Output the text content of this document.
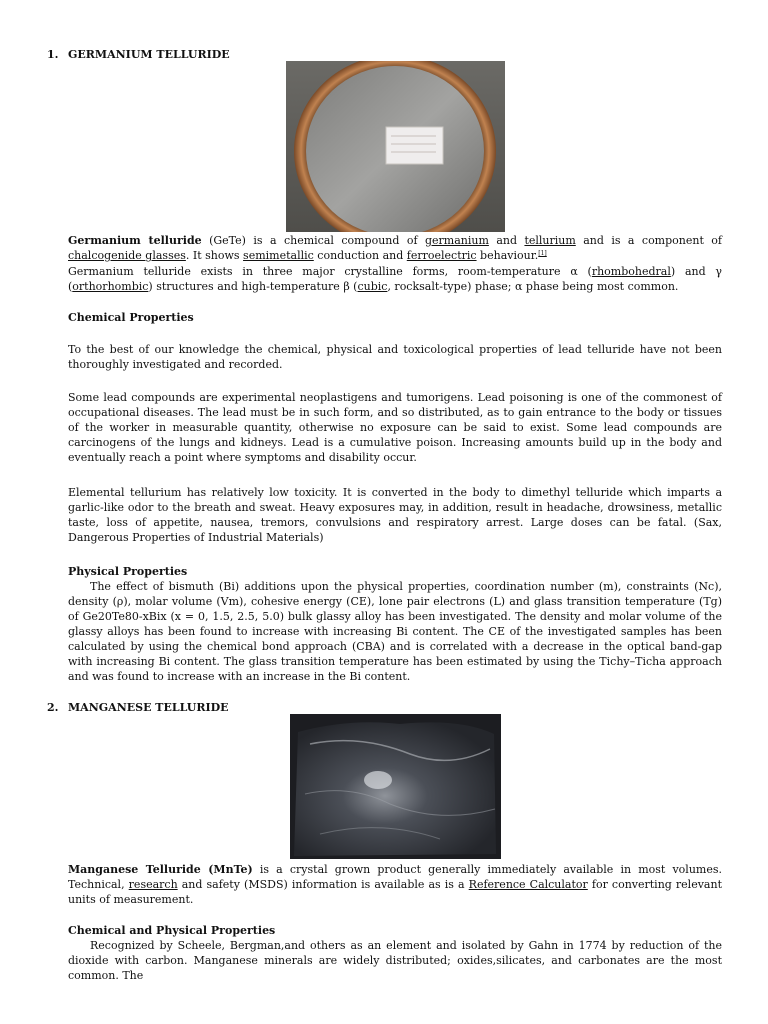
1. GERMANIUM TELLURIDE
Germanium telluride (GeTe) is a chemical compound of germanium and tellurium and is a component of chalcogenide glasses. It shows semimetallic conduction and ferroelectric behaviour.[1]
Germanium telluride exists in three major crystalline forms, room-temperature α (rhombohedral) and γ (orthorhombic) structures and high-temperature β (cubic, rocksalt-type) phase; α phase being most common.
Chemical Properties
To the best of our knowledge the chemical, physical and toxicological properties of lead telluride have not been thoroughly investigated and recorded.
Some lead compounds are experimental neoplastigens and tumorigens. Lead poisoning is one of the commonest of occupational diseases. The lead must be in such form, and so distributed, as to gain entrance to the body or tissues of the worker in measurable quantity, otherwise no exposure can be said to exist. Some lead compounds are carcinogens of the lungs and kidneys. Lead is a cumulative poison. Increasing amounts build up in the body and eventually reach a point where symptoms and disability occur.
Elemental tellurium has relatively low toxicity. It is converted in the body to dimethyl telluride which imparts a garlic-like odor to the breath and sweat. Heavy exposures may, in addition, result in headache, drowsiness, metallic taste, loss of appetite, nausea, tremors, convulsions and respiratory arrest. Large doses can be fatal. (Sax, Dangerous Properties of Industrial Materials)
Physical Properties
The effect of bismuth (Bi) additions upon the physical properties, coordination number (m), constraints (Nc), density (ρ), molar volume (Vm), cohesive energy (CE), lone pair electrons (L) and glass transition temperature (Tg) of Ge20Te80-xBix (x = 0, 1.5, 2.5, 5.0) bulk glassy alloy has been investigated. The density and molar volume of the glassy alloys has been found to increase with increasing Bi content. The CE of the investigated samples has been calculated by using the chemical bond approach (CBA) and is correlated with a decrease in the optical band-gap with increasing Bi content. The glass transition temperature has been estimated by using the Tichy–Ticha approach and was found to increase with an increase in the Bi content.
2. MANGANESE TELLURIDE
Manganese Telluride (MnTe) is a crystal grown product generally immediately available in most volumes. Technical, research and safety (MSDS) information is available as is a Reference Calculator for converting relevant units of measurement.
Chemical and Physical Properties
Recognized by Scheele, Bergman,and others as an element and isolated by Gahn in 1774 by reduction of the dioxide with carbon. Manganese minerals are widely distributed; oxides,silicates, and carbonates are the most common. The
